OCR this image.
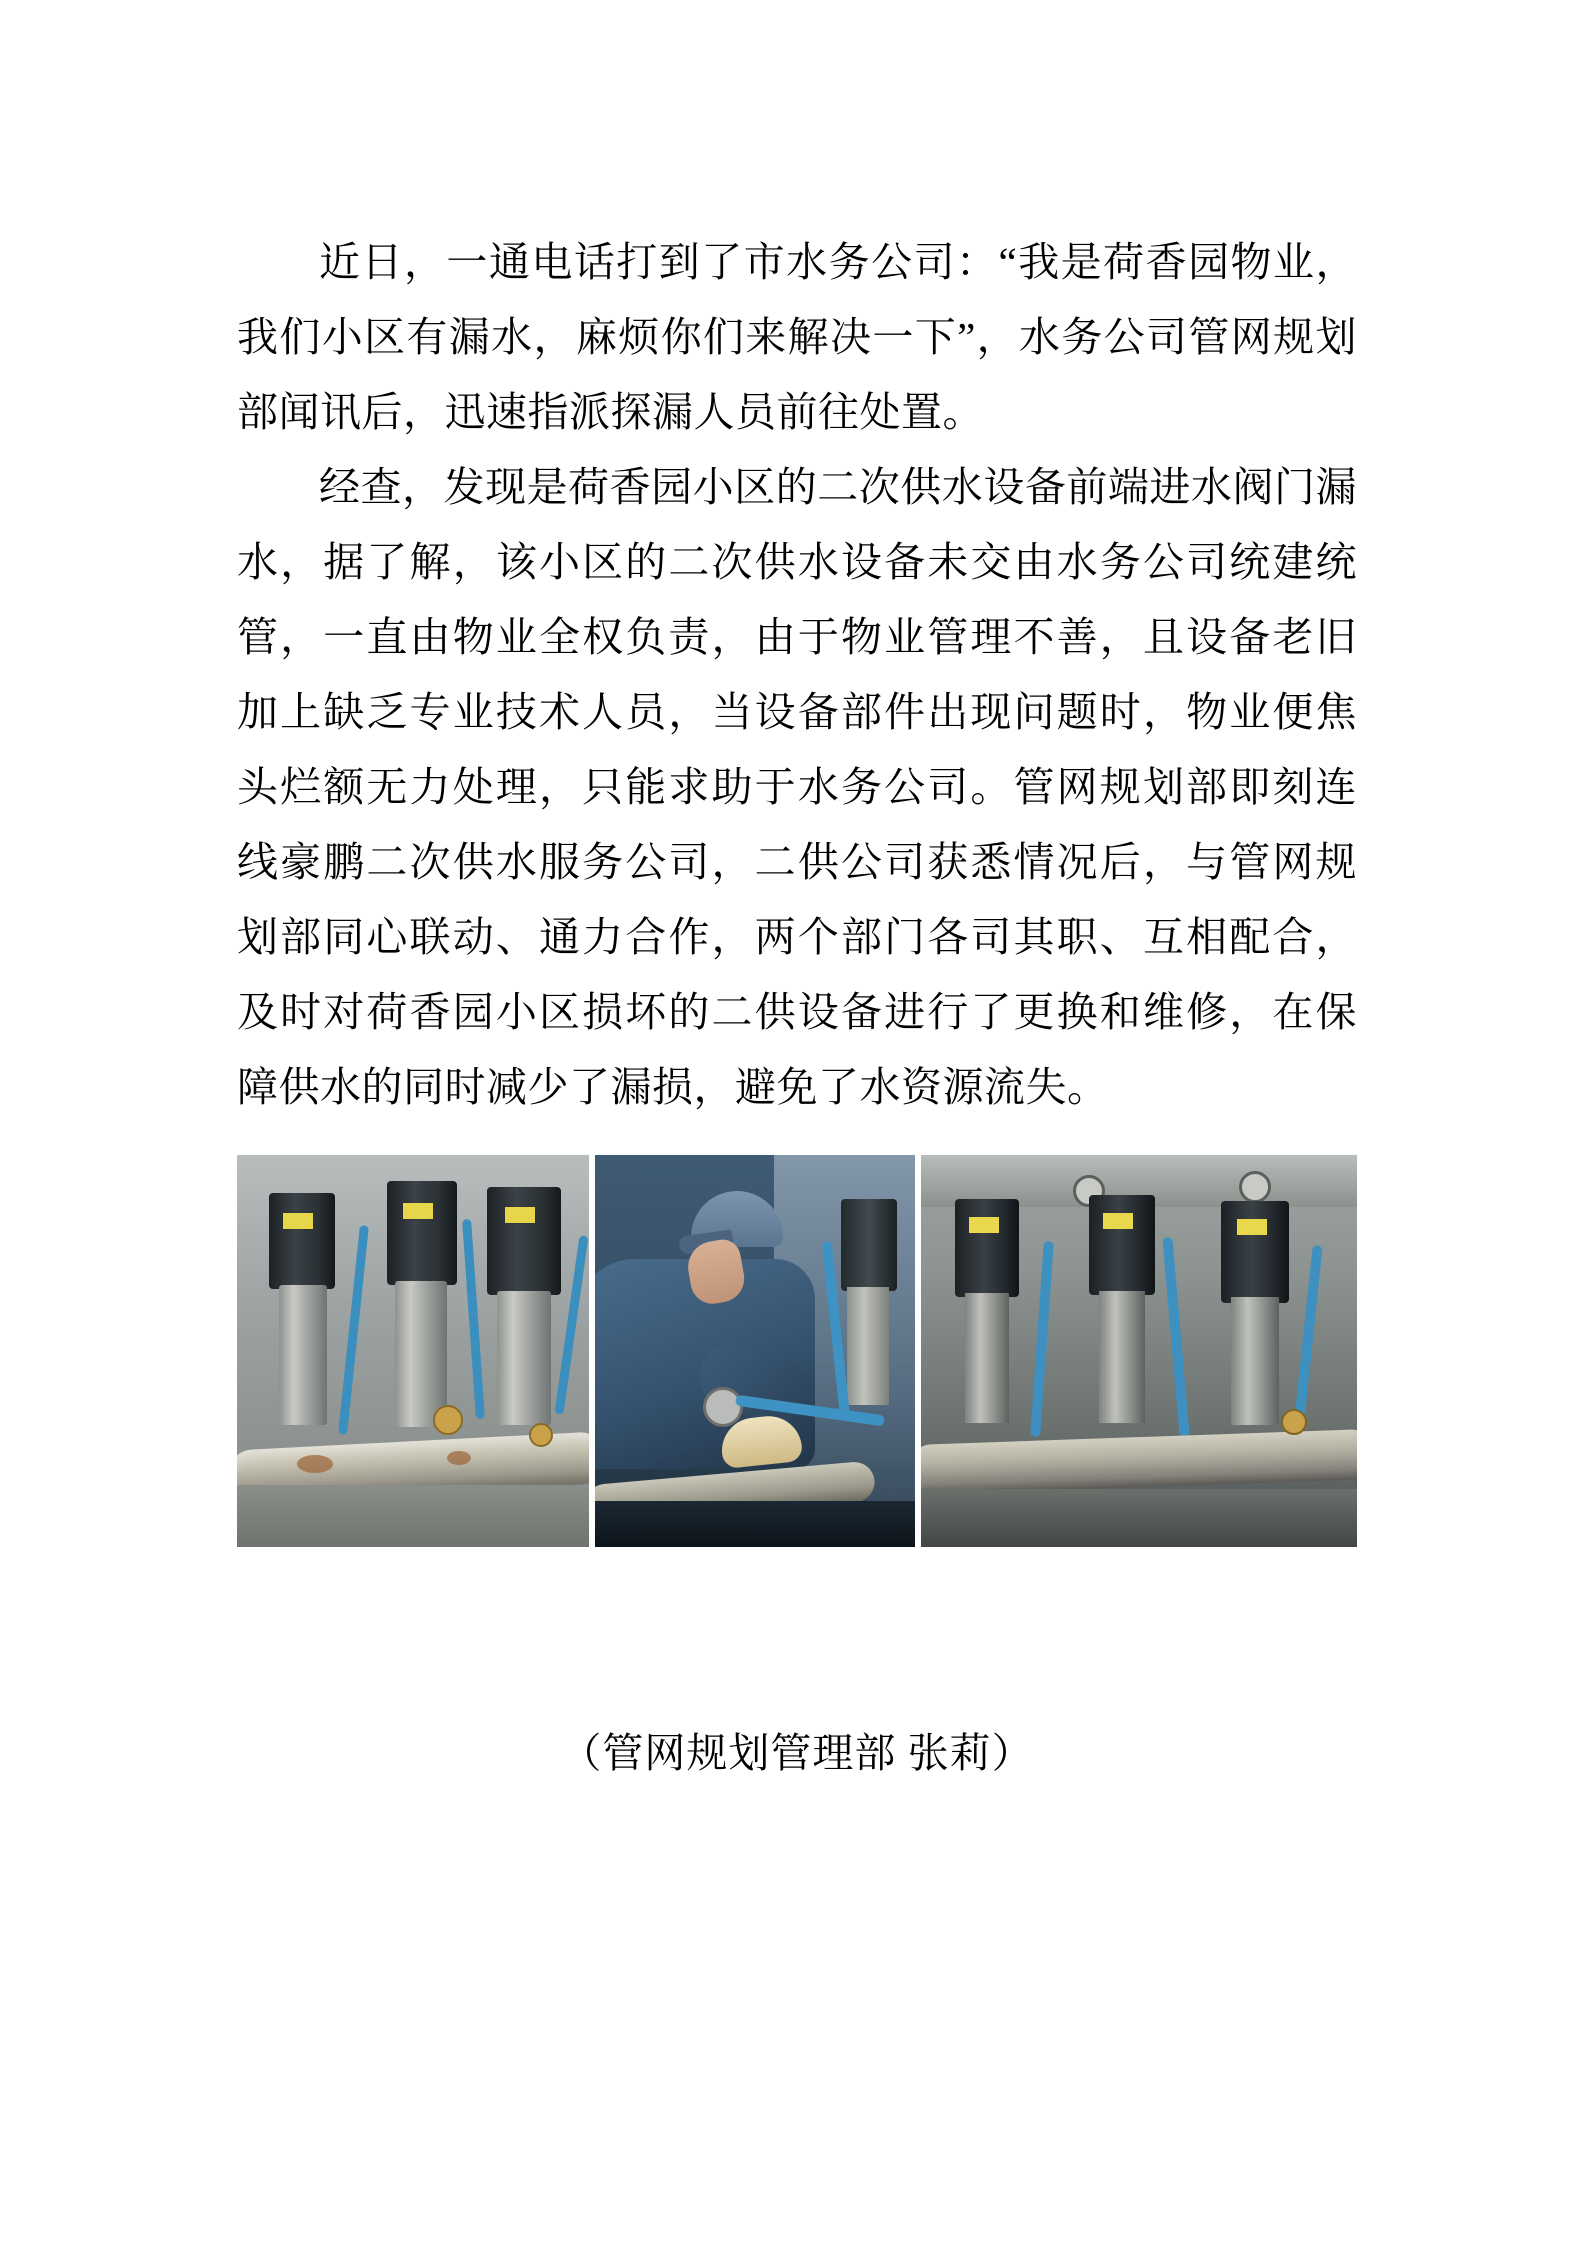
近日，一通电话打到了市水务公司：“我是荷香园物业，我们小区有漏水，麻烦你们来解决一下”，水务公司管网规划部闻讯后，迅速指派探漏人员前往处置。

经查，发现是荷香园小区的二次供水设备前端进水阀门漏水，据了解，该小区的二次供水设备未交由水务公司统建统管，一直由物业全权负责，由于物业管理不善，且设备老旧加上缺乏专业技术人员，当设备部件出现问题时，物业便焦头烂额无力处理，只能求助于水务公司。管网规划部即刻连线豪鹏二次供水服务公司，二供公司获悉情况后，与管网规划部同心联动、通力合作，两个部门各司其职、互相配合，及时对荷香园小区损坏的二供设备进行了更换和维修，在保障供水的同时减少了漏损，避免了水资源流失。

（管网规划管理部 张莉）
